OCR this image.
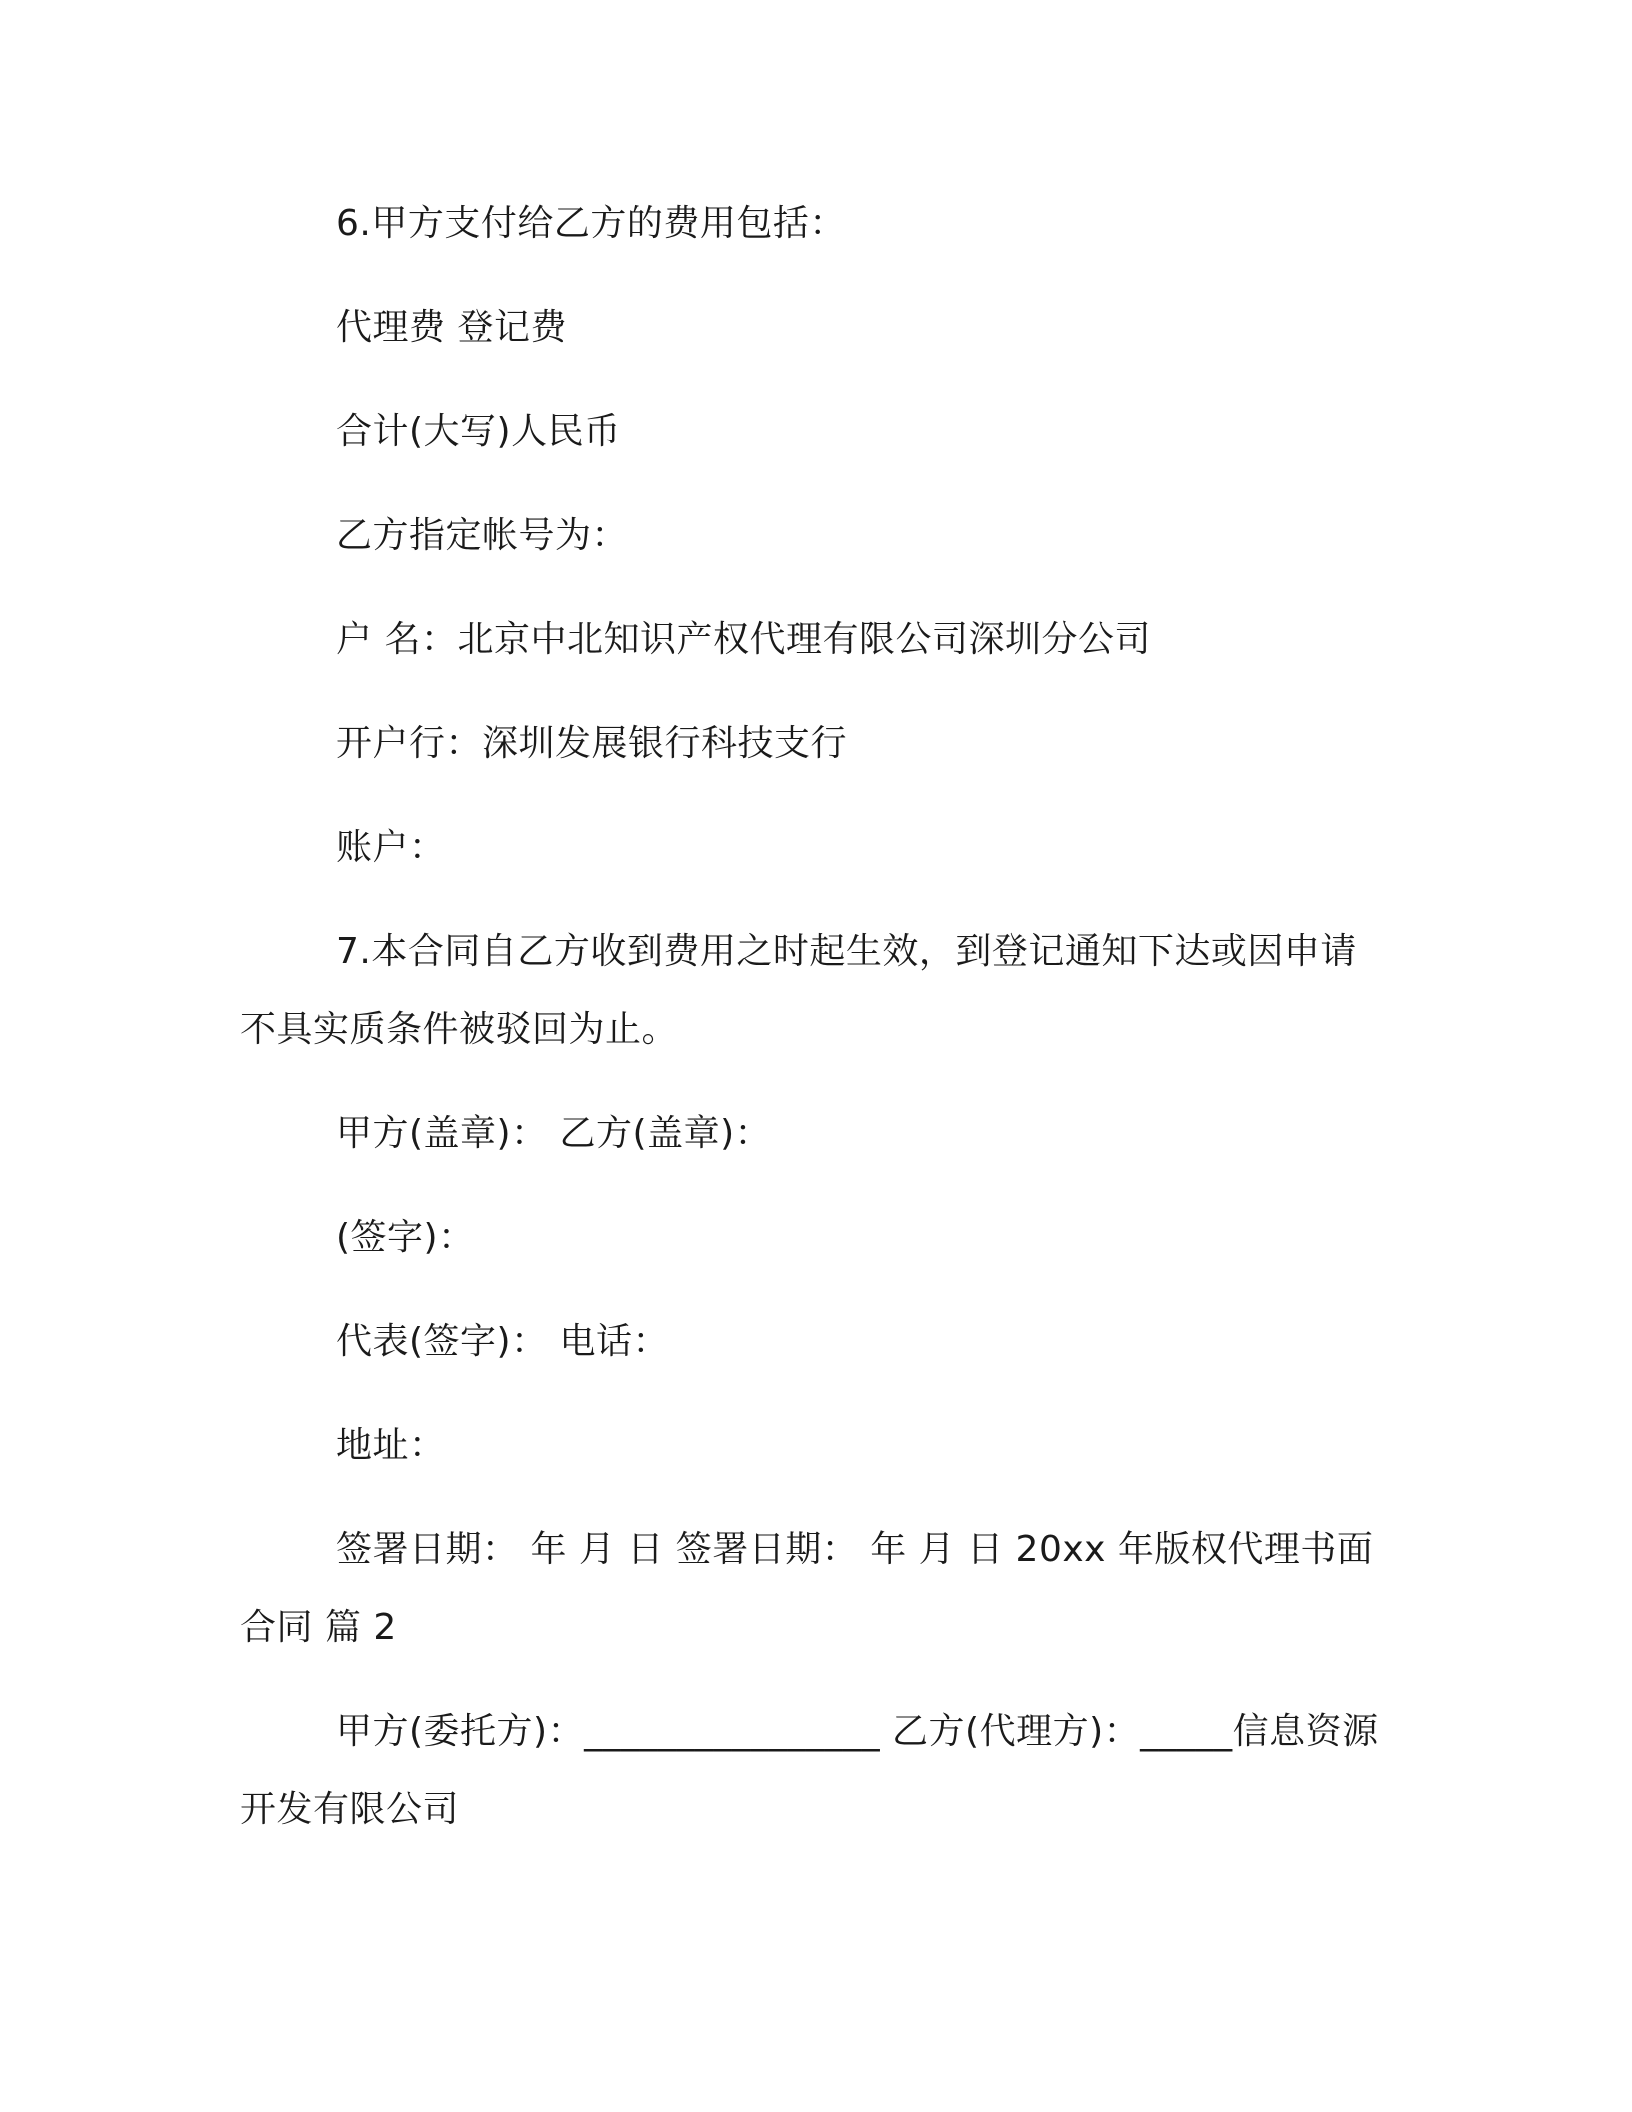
6.甲方支付给乙方的费用包括：

代理费 登记费

合计(大写)人民币

乙方指定帐号为：

户 名：北京中北知识产权代理有限公司深圳分公司

开户行：深圳发展银行科技支行

账户：

7.本合同自乙方收到费用之时起生效，到登记通知下达或因申请不具实质条件被驳回为止。

甲方(盖章)： 乙方(盖章)：

(签字)：

代表(签字)： 电话：

地址：

签署日期： 年 月 日 签署日期： 年 月 日 20xx 年版权代理书面合同 篇 2

甲方(委托方)：________________ 乙方(代理方)：_____信息资源开发有限公司
